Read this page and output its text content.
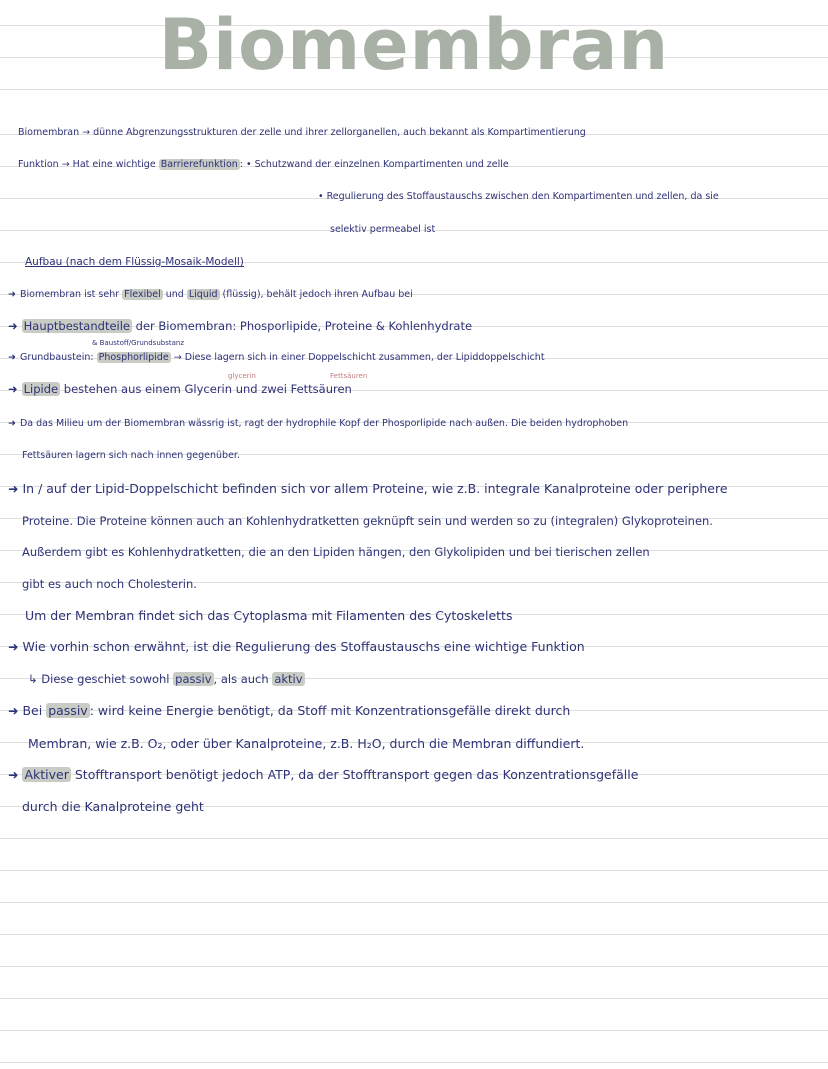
Biomembran
Biomembran → dünne Abgrenzungsstrukturen der zelle und ihrer zellorganellen, auch bekannt als Kompartimentierung
Funktion → Hat eine wichtige Barrierefunktion : • Schutzwand der einzelnen Kompartimenten und zelle
• Regulierung des Stoffaustauschs zwischen den Kompartimenten und zellen, da sie
selektiv permeabel ist
Aufbau (nach dem Flüssig-Mosaik-Modell)
➜ Biomembran ist sehr Flexibel und Liquid (flüssig), behält jedoch ihren Aufbau bei
➜ Hauptbestandteile der Biomembran: Phosporlipide, Proteine & Kohlenhydrate
& Baustoff/Grundsubstanz
➜ Grundbaustein: Phosphorlipide → Diese lagern sich in einer Doppelschicht zusammen, der Lipiddoppelschicht
glycerin	Fettsäuren
➜ Lipide bestehen aus einem Glycerin und zwei Fettsäuren
➜ Da das Milieu um der Biomembran wässrig ist, ragt der hydrophile Kopf der Phosporlipide nach außen. Die beiden hydrophoben
Fettsäuren lagern sich nach innen gegenüber.
➜ In / auf der Lipid-Doppelschicht befinden sich vor allem Proteine, wie z.B. integrale Kanalproteine oder periphere
Proteine. Die Proteine können auch an Kohlenhydratketten geknüpft sein und werden so zu (integralen) Glykoproteinen.
Außerdem gibt es Kohlenhydratketten, die an den Lipiden hängen, den Glykolipiden und bei tierischen zellen
gibt es auch noch Cholesterin.
Um der Membran findet sich das Cytoplasma mit Filamenten des Cytoskeletts
➜ Wie vorhin schon erwähnt, ist die Regulierung des Stoffaustauschs eine wichtige Funktion
↳ Diese geschiet sowohl passiv , als auch aktiv
➜ Bei passiv : wird keine Energie benötigt, da Stoff mit Konzentrationsgefälle direkt durch
Membran, wie z.B. O₂, oder über Kanalproteine, z.B. H₂O, durch die Membran diffundiert.
➜ Aktiver Stofftransport benötigt jedoch ATP, da der Stofftransport gegen das Konzentrationsgefälle
durch die Kanalproteine geht
